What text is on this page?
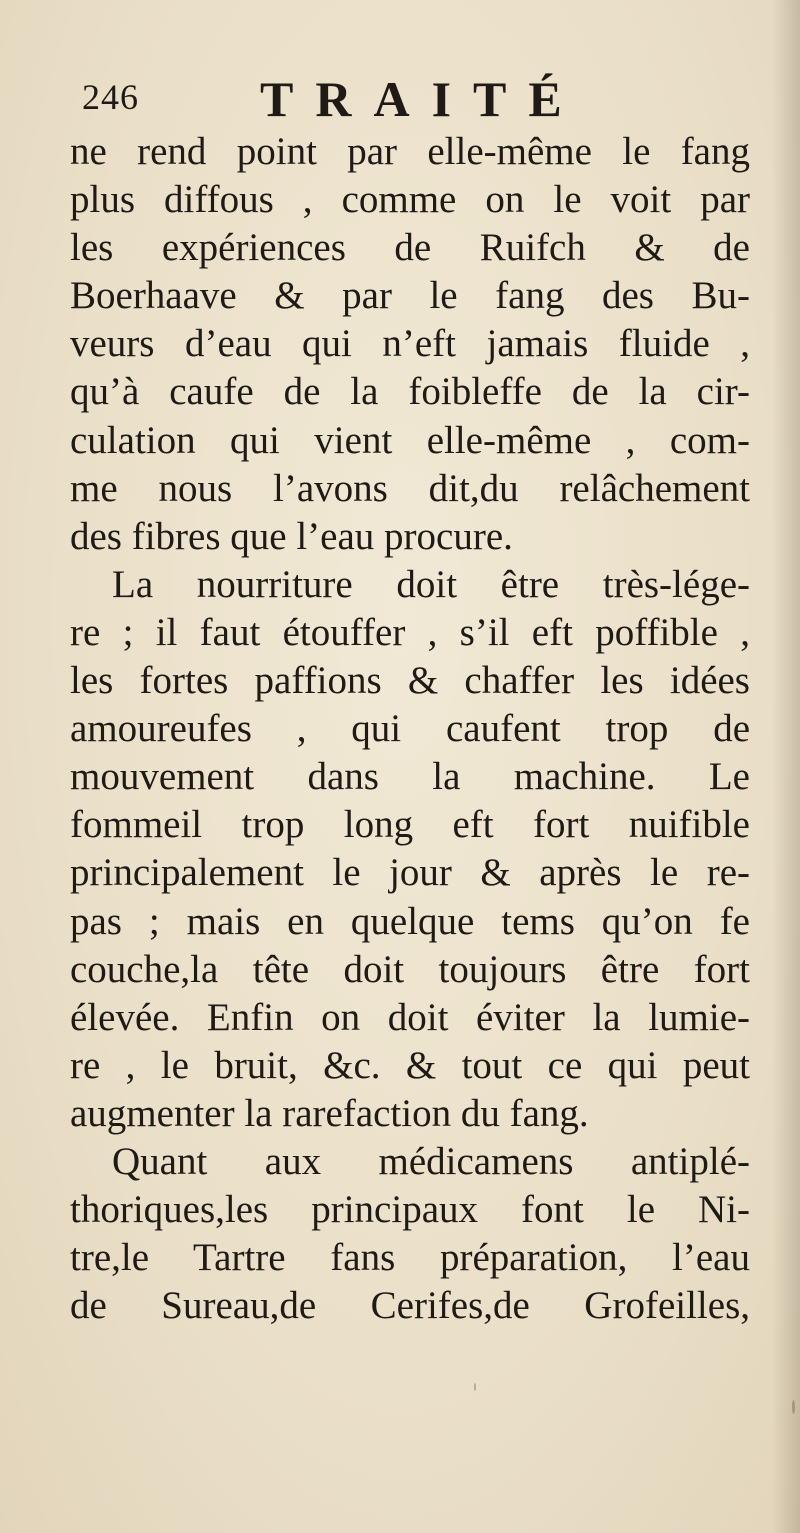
246 TRAITÉ
ne rend point par elle-même le fang
plus diffous , comme on le voit par
les expériences de Ruifch & de
Boerhaave & par le fang des Bu-
veurs d’eau qui n’eft jamais fluide ,
qu’à caufe de la foibleffe de la cir-
culation qui vient elle-même , com-
me nous l’avons dit,du relâchement
des fibres que l’eau procure.
La nourriture doit être très-lége-
re ; il faut étouffer , s’il eft poffible ,
les fortes paffions & chaffer les idées
amoureufes , qui caufent trop de
mouvement dans la machine. Le
fommeil trop long eft fort nuifible
principalement le jour & après le re-
pas ; mais en quelque tems qu’on fe
couche,la tête doit toujours être fort
élevée. Enfin on doit éviter la lumie-
re , le bruit, &c. & tout ce qui peut
augmenter la rarefaction du fang.
Quant aux médicamens antiplé-
thoriques,les principaux font le Ni-
tre,le Tartre fans préparation, l’eau
de Sureau,de Cerifes,de Grofeilles,
